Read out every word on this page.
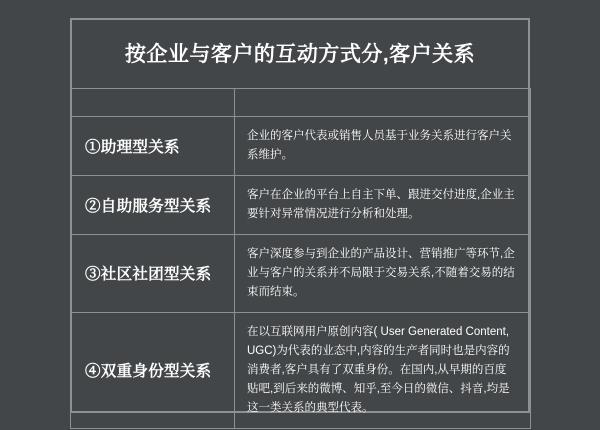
按企业与客户的互动方式分,客户关系

①助理型关系	企业的客户代表或销售人员基于业务关系进行客户关系维护。
②自助服务型关系	客户在企业的平台上自主下单、跟进交付进度,企业主要针对异常情况进行分析和处理。
③社区社团型关系	客户深度参与到企业的产品设计、营销推广等环节,企业与客户的关系并不局限于交易关系,不随着交易的结束而结束。
④双重身份型关系	在以互联网用户原创内容( User Generated Content, UGC)为代表的业态中,内容的生产者同时也是内容的消费者,客户具有了双重身份。在国内,从早期的百度贴吧,到后来的微博、知乎,至今日的微信、抖音,均是这一类关系的典型代表。
